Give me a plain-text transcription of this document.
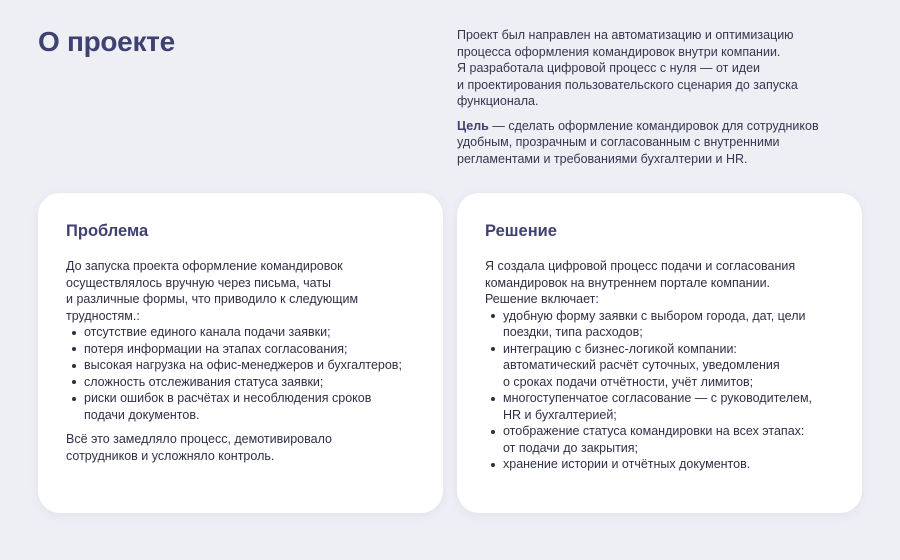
О проекте	Проект был направлен на автоматизацию и оптимизацию
процесса оформления командировок внутри компании.
Я разработала цифровой процесс с нуля — от идеи
и проектирования пользовательского сценария до запуска
функционала.

Цель — сделать оформление командировок для сотрудников
удобным, прозрачным и согласованным с внутренними
регламентами и требованиями бухгалтерии и HR.

Проблема

До запуска проекта оформление командировок
осуществлялось вручную через письма, чаты
и различные формы, что приводило к следующим
трудностям.:

отсутствие единого канала подачи заявки;
потеря информации на этапах согласования;
высокая нагрузка на офис-менеджеров и бухгалтеров;
сложность отслеживания статуса заявки;
риски ошибок в расчётах и несоблюдения сроков
подачи документов.

Всё это замедляло процесс, демотивировало
сотрудников и усложняло контроль.

Решение

Я создала цифровой процесс подачи и согласования
командировок на внутреннем портале компании.
Решение включает:

удобную форму заявки с выбором города, дат, цели
поездки, типа расходов;
интеграцию с бизнес-логикой компании:
автоматический расчёт суточных, уведомления
о сроках подачи отчётности, учёт лимитов;
многоступенчатое согласование — с руководителем,
HR и бухгалтерией;
отображение статуса командировки на всех этапах:
от подачи до закрытия;
хранение истории и отчётных документов.
